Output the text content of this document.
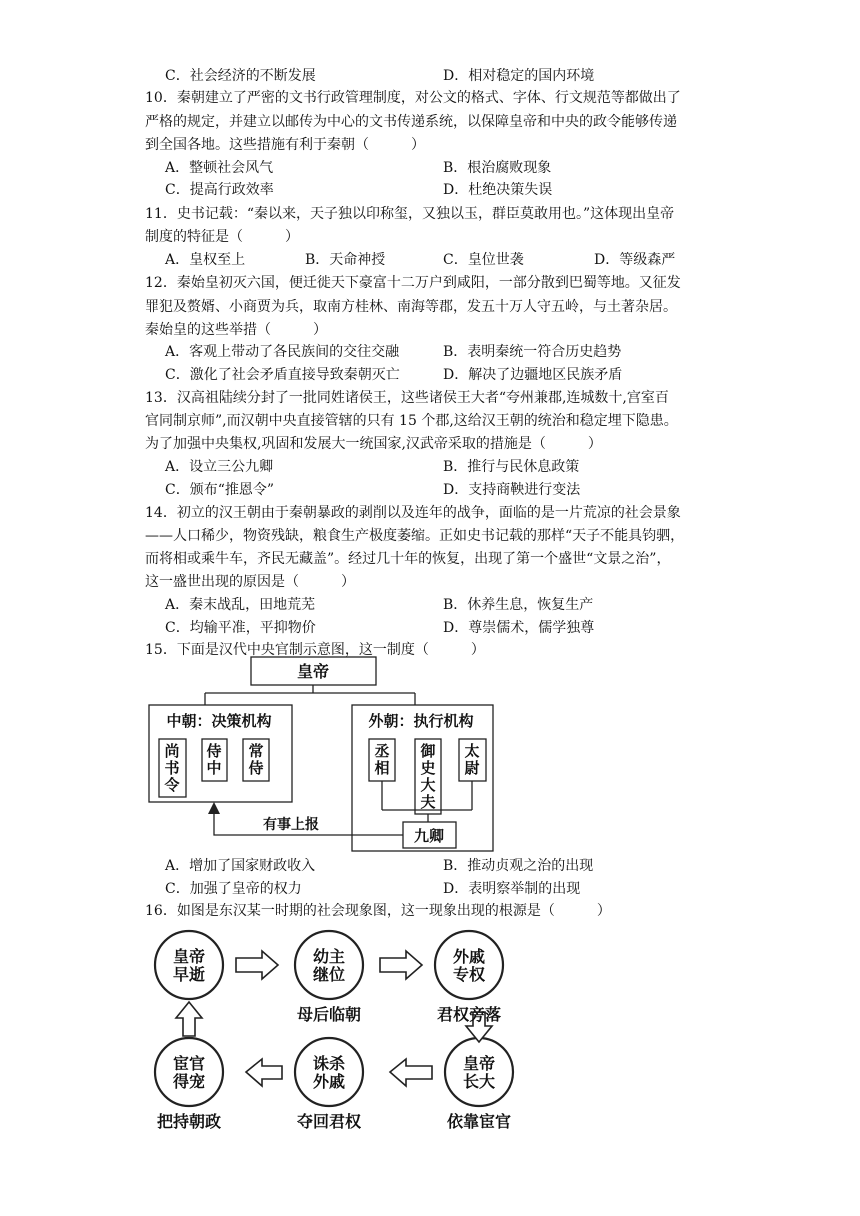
C．社会经济的不断发展	D．相对稳定的国内环境
10．秦朝建立了严密的文书行政管理制度，对公文的格式、字体、行文规范等都做出了
严格的规定，并建立以邮传为中心的文书传递系统，以保障皇帝和中央的政令能够传递
到全国各地。这些措施有利于秦朝（　　　）
A．整顿社会风气	B．根治腐败现象
C．提高行政效率	D．杜绝决策失误
11．史书记载：“秦以来，天子独以印称玺，又独以玉，群臣莫敢用也。”这体现出皇帝
制度的特征是（　　　）
A．皇权至上	B．天命神授	C．皇位世袭	D．等级森严
12．秦始皇初灭六国，便迁徙天下豪富十二万户到咸阳，一部分散到巴蜀等地。又征发
罪犯及赘婿、小商贾为兵，取南方桂林、南海等郡，发五十万人守五岭，与土著杂居。
秦始皇的这些举措（　　　）
A．客观上带动了各民族间的交往交融	B．表明秦统一符合历史趋势
C．激化了社会矛盾直接导致秦朝灭亡	D．解决了边疆地区民族矛盾
13．汉高祖陆续分封了一批同姓诸侯王，这些诸侯王大者“夸州兼郡,连城数十,宫室百
官同制京师”,而汉朝中央直接管辖的只有 15 个郡,这给汉王朝的统治和稳定埋下隐患。
为了加强中央集权,巩固和发展大一统国家,汉武帝采取的措施是（　　　）
A．设立三公九卿	B．推行与民休息政策
C．颁布“推恩令”	D．支持商鞅进行变法
14．初立的汉王朝由于秦朝暴政的剥削以及连年的战争，面临的是一片荒凉的社会景象
——人口稀少，物资残缺，粮食生产极度萎缩。正如史书记载的那样“天子不能具钧驷，
而将相或乘牛车，齐民无藏盖”。经过几十年的恢复，出现了第一个盛世“文景之治”，
这一盛世出现的原因是（　　　）
A．秦末战乱，田地荒芜	B．休养生息，恢复生产
C．均输平准，平抑物价	D．尊崇儒术，儒学独尊
15．下面是汉代中央官制示意图，这一制度（　　　）
皇帝
中朝：决策机构	外朝：执行机构
九卿
有事上报
尚
书
令
侍
中
常
侍
丞
相
御
史
大
夫
太
尉
皇帝
早逝
幼主
继位
母后临朝
外戚
专权
君权旁落
皇帝
长大
依靠宦官
诛杀
外戚
夺回君权
宦官
得宠
把持朝政
A．增加了国家财政收入	B．推动贞观之治的出现
C．加强了皇帝的权力	D．表明察举制的出现
16．如图是东汉某一时期的社会现象图，这一现象出现的根源是（　　　）
